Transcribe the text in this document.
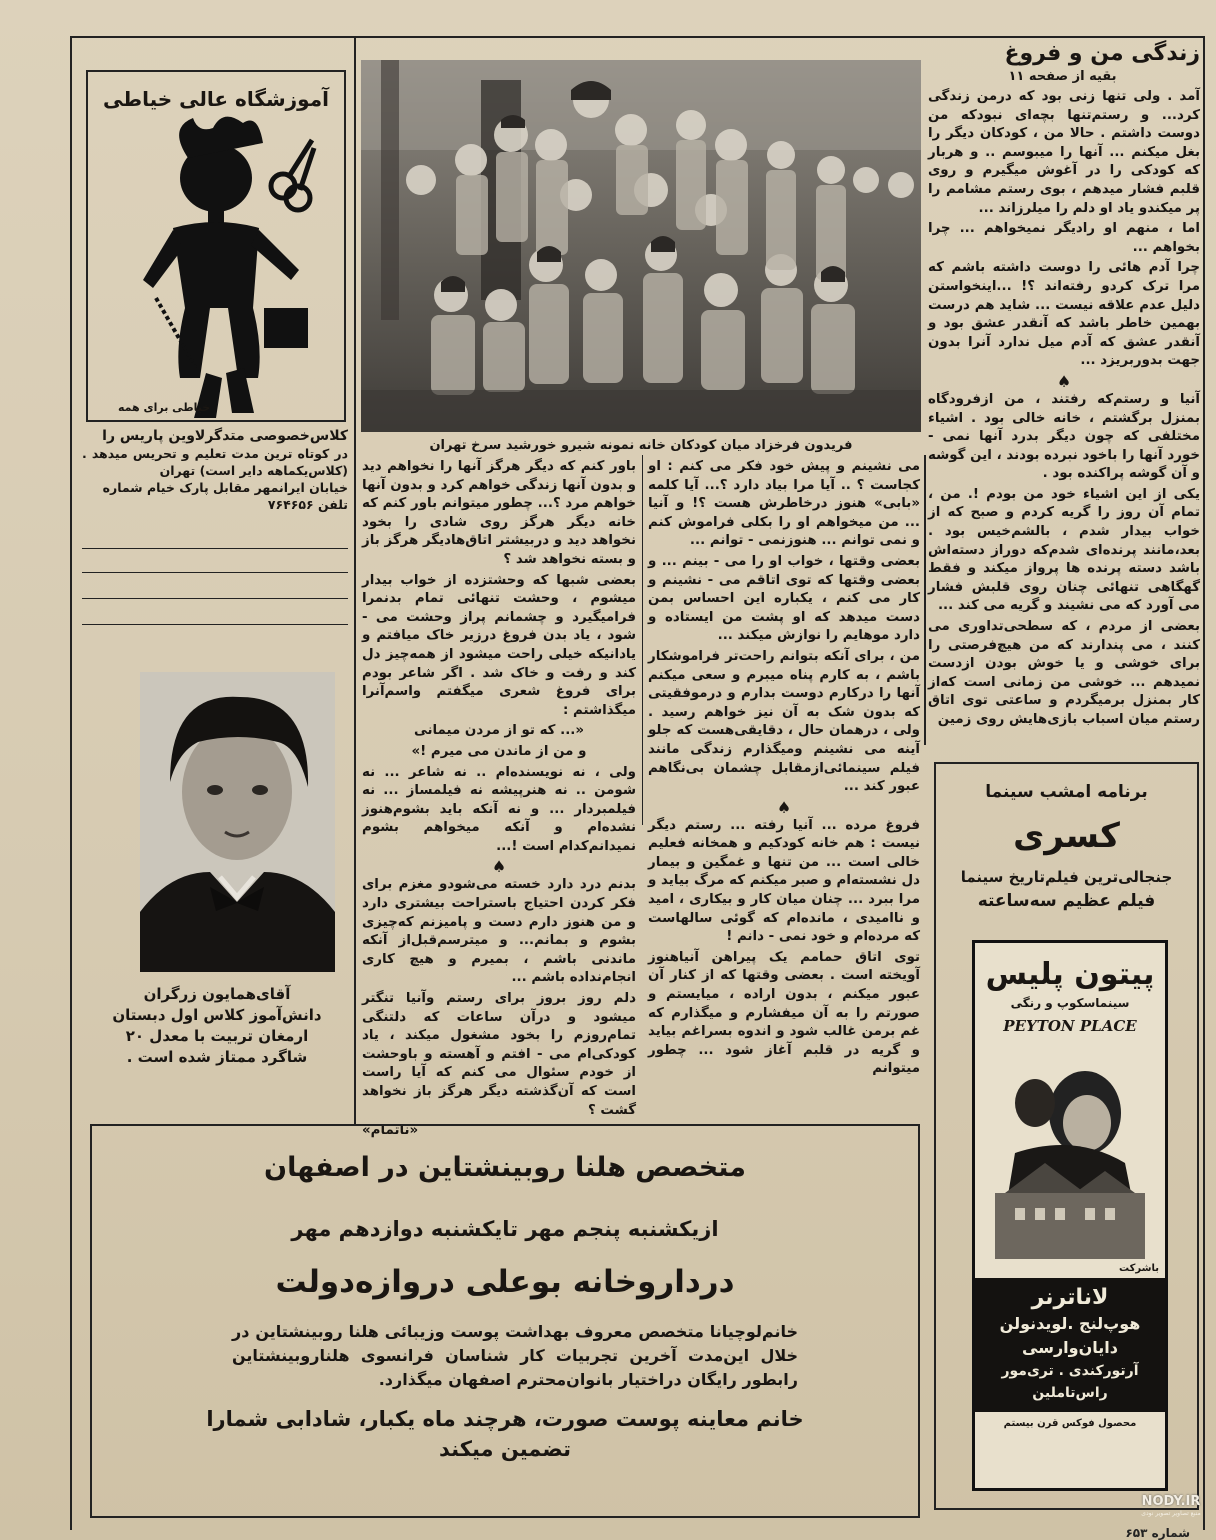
زندگی من و فروغ
بقیه از صفحه ۱۱

آمد . ولی تنها زنی بود که درمن زندگی کرد... و رستم‌تنها بچه‌ای نبودکه من دوست داشتم . حالا من ، کودکان دیگر را بغل میکنم ... آنها را میبوسم .. و هربار که کودکی را در آغوش میگیرم و روی قلبم فشار میدهم ، بوی رستم مشامم را پر میکندو یاد او دلم را میلرزاند ...

اما ، منهم او رادیگر نمیخواهم ... چرا بخواهم ...

چرا آدم هائی را دوست داشته باشم که مرا ترک کردو رفته‌اند ؟! ...اینخواستن دلیل عدم علاقه نیست ... شاید هم درست بهمین خاطر باشد که آنقدر عشق بود و آنقدر عشق که آدم میل ندارد آنرا بدون جهت بدوربریزد ...

♠

آنیا و رستم‌که رفتند ، من ازفرودگاه بمنزل برگشتم ، خانه خالی بود . اشیاء مختلفی که چون دیگر بدرد آنها نمی - خورد آنها را باخود نبرده بودند ، این گوشه و آن گوشه پراکنده بود .

یکی از این اشیاء خود من بودم !. من ، تمام آن روز را گریه کردم و صبح که از خواب بیدار شدم ، بالشم‌خیس بود . بعد،مانند پرنده‌ای شدم‌که دوراز دسته‌اش باشد دسته پرنده ها پرواز میکند و فقط گهگاهی تنهائی چنان روی قلبش فشار می آورد که می نشیند و گریه می کند ...

بعضی از مردم ، که سطحی‌تداوری می کنند ، می پندارند که من هیچ‌فرصتی را برای خوشی و یا خوش بودن ازدست نمیدهم ... خوشی من زمانی است که‌از کار بمنزل برمیگردم و ساعتی توی اتاق رستم میان اسباب بازی‌هایش روی زمین

فریدون فرخزاد میان کودکان خانه نمونه شیرو خورشید سرخ تهران

می نشینم و پیش خود فکر می کنم : او کجاست ؟ .. آیا مرا بیاد دارد ؟... آیا کلمه «بابی» هنوز درخاطرش هست ؟! و آنیا ... من میخواهم او را بکلی فراموش کنم و نمی توانم ... هنوزنمی - توانم ...

بعضی وقتها ، خواب او را می - بینم ... و بعضی وقتها که توی اتاقم می - نشینم و کار می کنم ، یکباره این احساس بمن دست میدهد که او پشت من ایستاده و دارد موهایم را نوازش میکند ...

من ، برای آنکه بتوانم راحت‌تر فراموشکار باشم ، به کارم پناه میبرم و سعی میکنم آنها را درکارم دوست بدارم و درموفقیتی که بدون شک به آن نیز خواهم رسید . ولی ، درهمان حال ، دقایقی‌هست که جلو آینه می نشینم ومیگذارم زندگی مانند فیلم سینمائی‌ازمقابل چشمان بی‌نگاهم عبور کند ...

♠

فروغ مرده ... آنیا رفته ... رستم دیگر نیست : هم خانه کودکیم و همخانه فعلیم خالی است ... من تنها و غمگین و بیمار دل نشسته‌ام و صبر میکنم که مرگ بیاید و مرا ببرد ... چنان میان کار و بیکاری ، امید و ناامیدی ، مانده‌ام که گوئی سالهاست که مرده‌ام و خود نمی - دانم !

توی اتاق حمامم یک پیراهن آنیاهنوز آویخته است . بعضی وقتها که از کنار آن عبور میکنم ، بدون اراده ، میایستم و صورتم را به آن میفشارم و میگذارم که غم برمن غالب شود و اندوه بسراغم بیاید و گریه در قلبم آغاز شود ... چطور میتوانم

باور کنم که دیگر هرگز آنها را نخواهم دید و بدون آنها زندگی خواهم کرد و بدون آنها خواهم مرد ؟... چطور میتوانم باور کنم که خانه دیگر هرگز روی شادی را بخود نخواهد دید و دربیشتر اتاق‌هادیگر هرگز باز و بسته نخواهد شد ؟

بعضی شبها که وحشتزده از خواب بیدار میشوم ، وحشت تنهائی تمام بدنمرا فرامیگیرد و چشمانم پراز وحشت می - شود ، یاد بدن فروغ درزیر خاک میافتم و یادانیکه خیلی راحت میشود از همه‌چیز دل کند و رفت و خاک شد . اگر شاعر بودم برای فروغ شعری میگفتم واسم‌آنرا میگذاشتم :

«... که تو از مردن میمانی

و من از ماندن می میرم !»

ولی ، نه نویسنده‌ام .. نه شاعر ... نه شومن .. نه هنرپیشه نه فیلمساز ... نه فیلمبردار ... و نه آنکه باید بشوم‌هنوز نشده‌ام و آنکه میخواهم بشوم نمیدانم‌کدام است !...

♠

بدنم درد دارد خسته می‌شودو مغزم برای فکر کردن احتیاج باستراحت بیشتری دارد و من هنوز دارم دست و پامیزنم که‌چیزی بشوم و بمانم... و میترسم‌قبل‌از آنکه ماندنی باشم ، بمیرم و هیچ کاری انجام‌نداده باشم ...

دلم روز بروز برای رستم وآنیا تنگتر میشود و درآن ساعات که دلتنگی تمام‌روزم را بخود مشغول میکند ، یاد کودکی‌ام می - افتم و آهسته و باوحشت از خودم سئوال می کنم که آیا راست است که آن‌گذشته دیگر هرگز باز نخواهد گشت ؟

«ناتمام»

آموزشگاه عالی خیاطی
خیاطی برای همه
کلاس‌خصوصی متدگرلاوین پاریس را
در کوتاه ترین مدت تعلیم و تحریس میدهد . (کلاس‌یکماهه دایر است) تهران
خیابان ایرانمهر مقابل پارک خیام شماره
تلفن ۷۶۴۶۵۶
آقای‌همایون زرگران
دانش‌آموز کلاس اول دبستان
ارمغان تربیت با معدل ۲۰
شاگرد ممتاز شده است .
برنامه امشب سینما
کسری
جنجالی‌ترین فیلم‌تاریخ سینما
فیلم عظیم سه‌ساعته
پیتون پلیس
سینماسکوپ و رنگی
PEYTON PLACE
باشرکت
لاناترنر
هوپ‌لنج .لوید‌نولن
دایان‌وارسی
آرتورکندی . تری‌مور
راس‌تاملین
محصول فوکس قرن بیستم
متخصص هلنا روبینشتاین در اصفهان
ازیکشنبه پنجم مهر تایکشنبه دوازدهم مهر
درداروخانه بوعلی دروازه‌دولت
خانم‌لوچیانا متخصص معروف بهداشت پوست وزیبائی هلنا روبینشتاین در خلال این‌مدت آخرین تجربیات کار شناسان فرانسوی هلناروبینشتاین رابطور رایگان دراختیار بانوان‌محترم اصفهان میگذارد.
خانم معاینه پوست صورت، هرچند ماه یکبار، شادابی شمارا
تضمین میکند
شماره ۶۵۳
NODY.IR
منبع تصاویر تصویر نودی
